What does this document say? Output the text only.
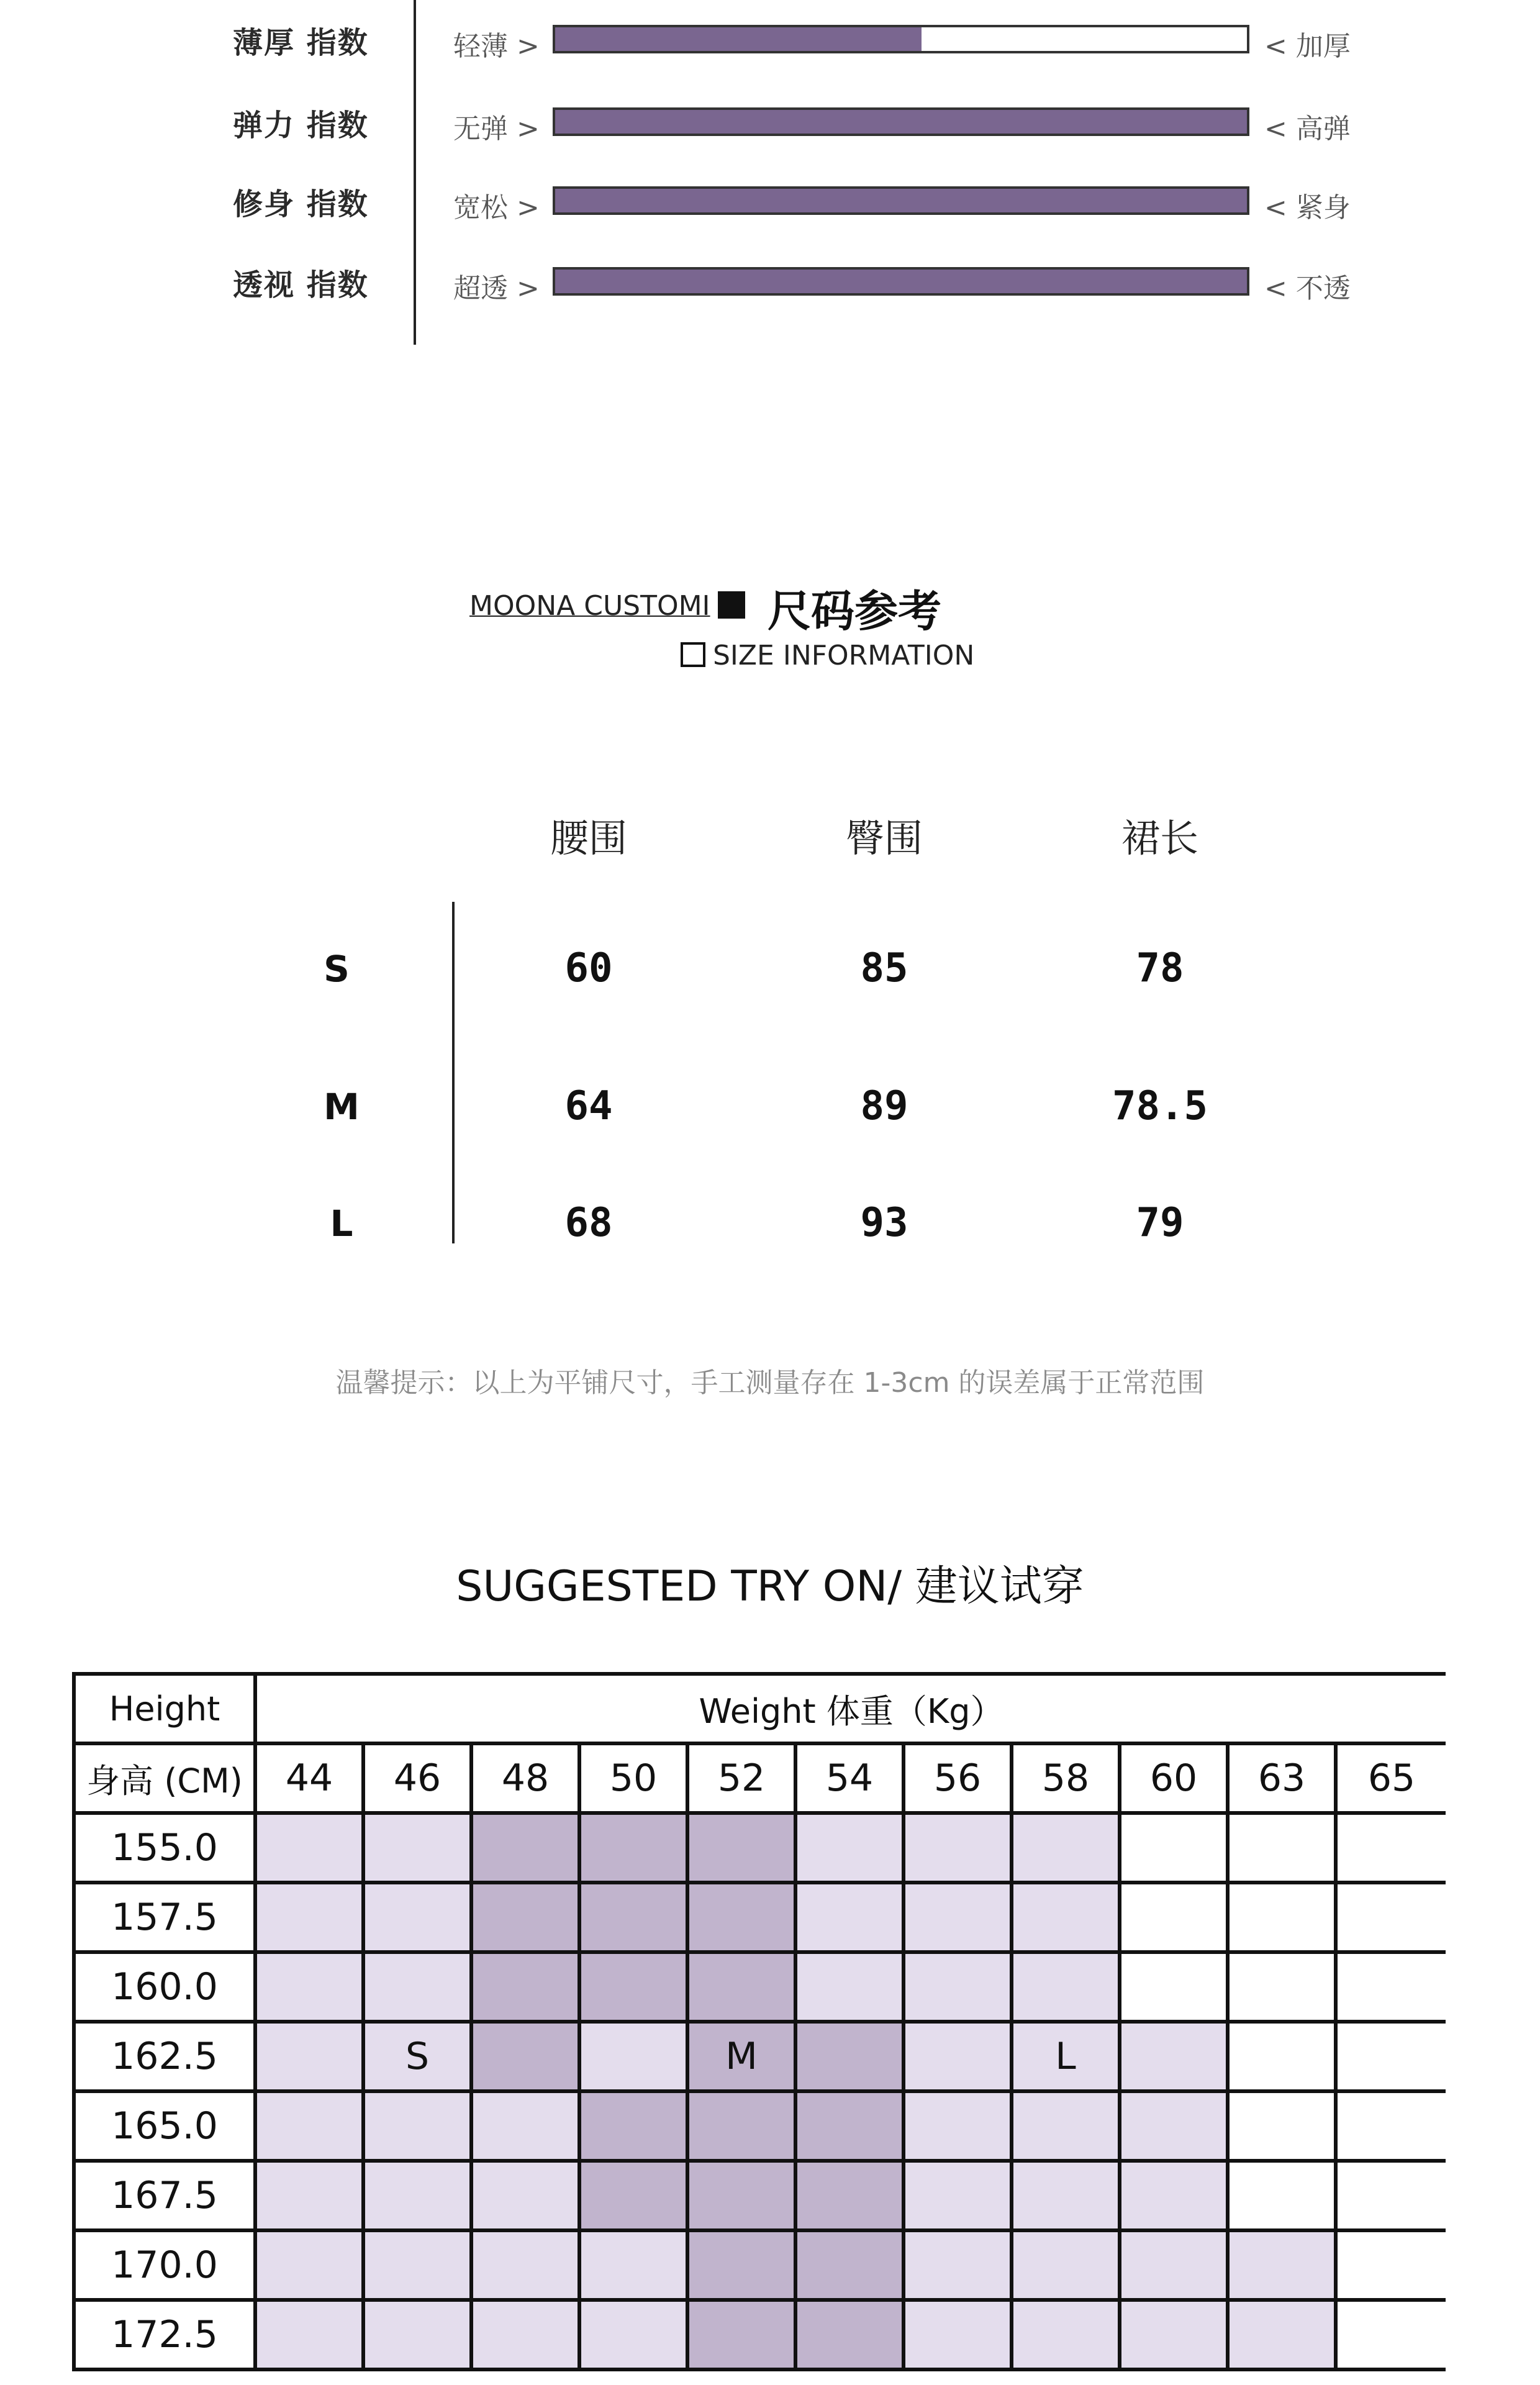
薄厚 指数	轻薄 >	< 加厚
弹力 指数	无弹 >	< 高弹
修身 指数	宽松 >	< 紧身
透视 指数	超透 >	< 不透
MOONA CUSTOMI	尺码参考
SIZE INFORMATION
腰围	臀围	裙长
S	60	85	78
M	64	89	78.5
L	68	93	79
温馨提示：以上为平铺尺寸，手工测量存在 1-3cm 的误差属于正常范围
SUGGESTED TRY ON/ 建议试穿
Height	Weight 体重（Kg）										
身高 (CM)	44	46	48	50	52	54	56	58	60	63	65
155.0											
157.5											
160.0											
162.5		S			M			L			
165.0											
167.5											
170.0											
172.5											
